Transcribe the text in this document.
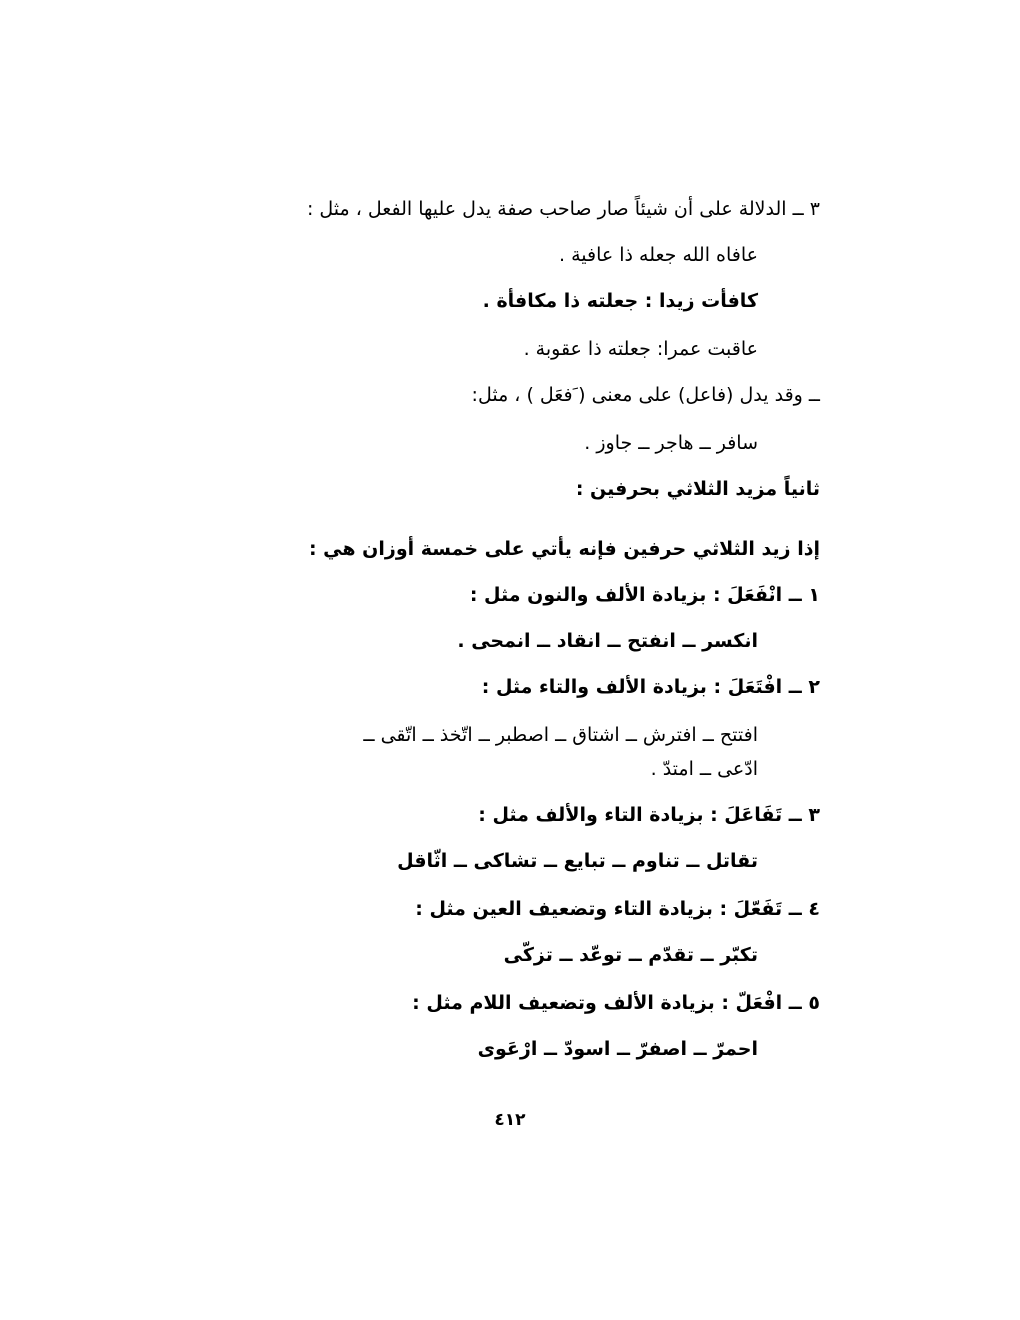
٣ ــ الدلالة على أن شيئاً صار صاحب صفة يدل عليها الفعل ، مثل :
عافاه الله جعله ذا عافية .
كافأت زيدا : جعلته ذا مكافأة .
عاقبت عمرا: جعلته ذا عقوبة .
ــ وقد يدل (فاعل) على معنى ( َفعَل ) ، مثل:
سافر ــ هاجر ــ جاوز .
ثانياً مزيد الثلاثي بحرفين :
إذا زيد الثلاثي حرفين فإنه يأتي على خمسة أوزان هي :
١ ــ انْفَعَلَ : بزيادة الألف والنون مثل :
انكسر ــ انفتح ــ انقاد ــ انمحى .
٢ ــ افْتَعَلَ : بزيادة الألف والتاء مثل :
افتتح ــ افترش ــ اشتاق ــ اصطبر ــ اتّخذ ــ اتّقى ــ
ادّعى ــ امتدّ .
٣ ــ تَفَاعَلَ : بزيادة التاء والألف مثل :
تقاتل ــ تناوم ــ تبايع ــ تشاكى ــ اثّاقل
٤ ــ تَفَعّلَ : بزيادة التاء وتضعيف العين مثل :
تكبّر ــ تقدّم ــ توعّد ــ تزكّى
٥ ــ افْعَلّ : بزيادة الألف وتضعيف اللام مثل :
احمرّ ــ اصفرّ ــ اسودّ ــ ارْعَوى
٤١٢
